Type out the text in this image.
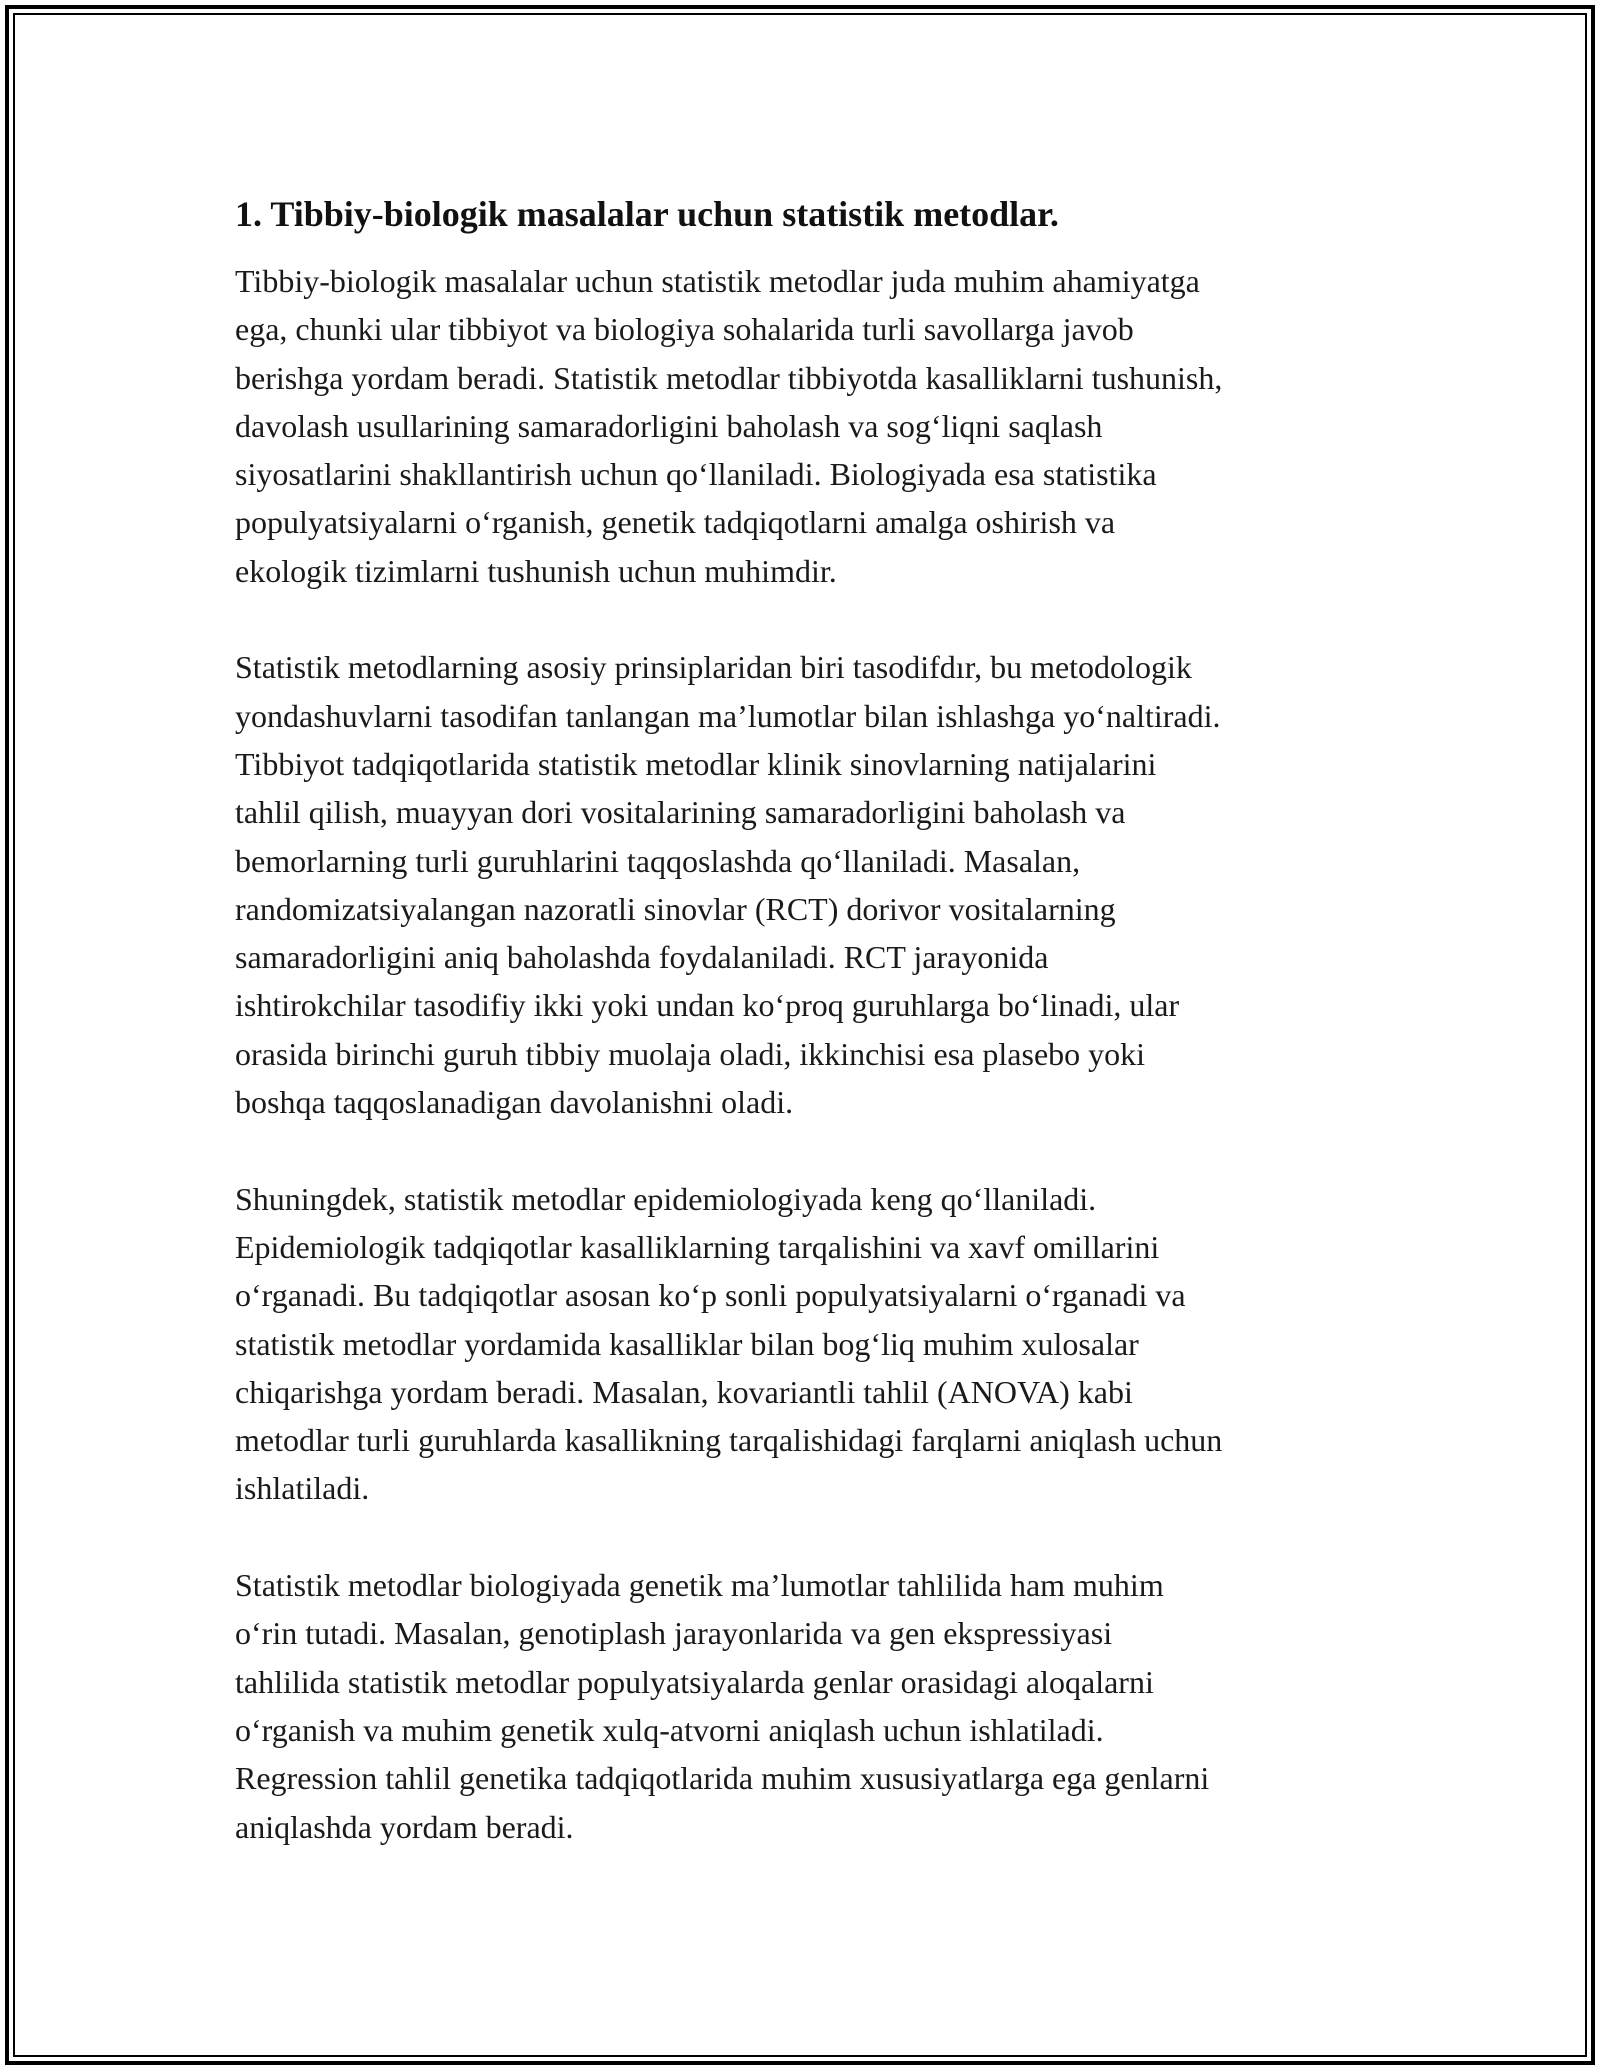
1. Tibbiy-biologik masalalar uchun statistik metodlar.

Tibbiy-biologik masalalar uchun statistik metodlar juda muhim ahamiyatga
ega, chunki ular tibbiyot va biologiya sohalarida turli savollarga javob
berishga yordam beradi. Statistik metodlar tibbiyotda kasalliklarni tushunish,
davolash usullarining samaradorligini baholash va sog‘liqni saqlash
siyosatlarini shakllantirish uchun qo‘llaniladi. Biologiyada esa statistika
populyatsiyalarni o‘rganish, genetik tadqiqotlarni amalga oshirish va
ekologik tizimlarni tushunish uchun muhimdir.

Statistik metodlarning asosiy prinsiplaridan biri tasodifdır, bu metodologik
yondashuvlarni tasodifan tanlangan ma’lumotlar bilan ishlashga yo‘naltiradi.
Tibbiyot tadqiqotlarida statistik metodlar klinik sinovlarning natijalarini
tahlil qilish, muayyan dori vositalarining samaradorligini baholash va
bemorlarning turli guruhlarini taqqoslashda qo‘llaniladi. Masalan,
randomizatsiyalangan nazoratli sinovlar (RCT) dorivor vositalarning
samaradorligini aniq baholashda foydalaniladi. RCT jarayonida
ishtirokchilar tasodifiy ikki yoki undan ko‘proq guruhlarga bo‘linadi, ular
orasida birinchi guruh tibbiy muolaja oladi, ikkinchisi esa plasebo yoki
boshqa taqqoslanadigan davolanishni oladi.

Shuningdek, statistik metodlar epidemiologiyada keng qo‘llaniladi.
Epidemiologik tadqiqotlar kasalliklarning tarqalishini va xavf omillarini
o‘rganadi. Bu tadqiqotlar asosan ko‘p sonli populyatsiyalarni o‘rganadi va
statistik metodlar yordamida kasalliklar bilan bog‘liq muhim xulosalar
chiqarishga yordam beradi. Masalan, kovariantli tahlil (ANOVA) kabi
metodlar turli guruhlarda kasallikning tarqalishidagi farqlarni aniqlash uchun
ishlatiladi.

Statistik metodlar biologiyada genetik ma’lumotlar tahlilida ham muhim
o‘rin tutadi. Masalan, genotiplash jarayonlarida va gen ekspressiyasi
tahlilida statistik metodlar populyatsiyalarda genlar orasidagi aloqalarni
o‘rganish va muhim genetik xulq-atvorni aniqlash uchun ishlatiladi.
Regression tahlil genetika tadqiqotlarida muhim xususiyatlarga ega genlarni
aniqlashda yordam beradi.
